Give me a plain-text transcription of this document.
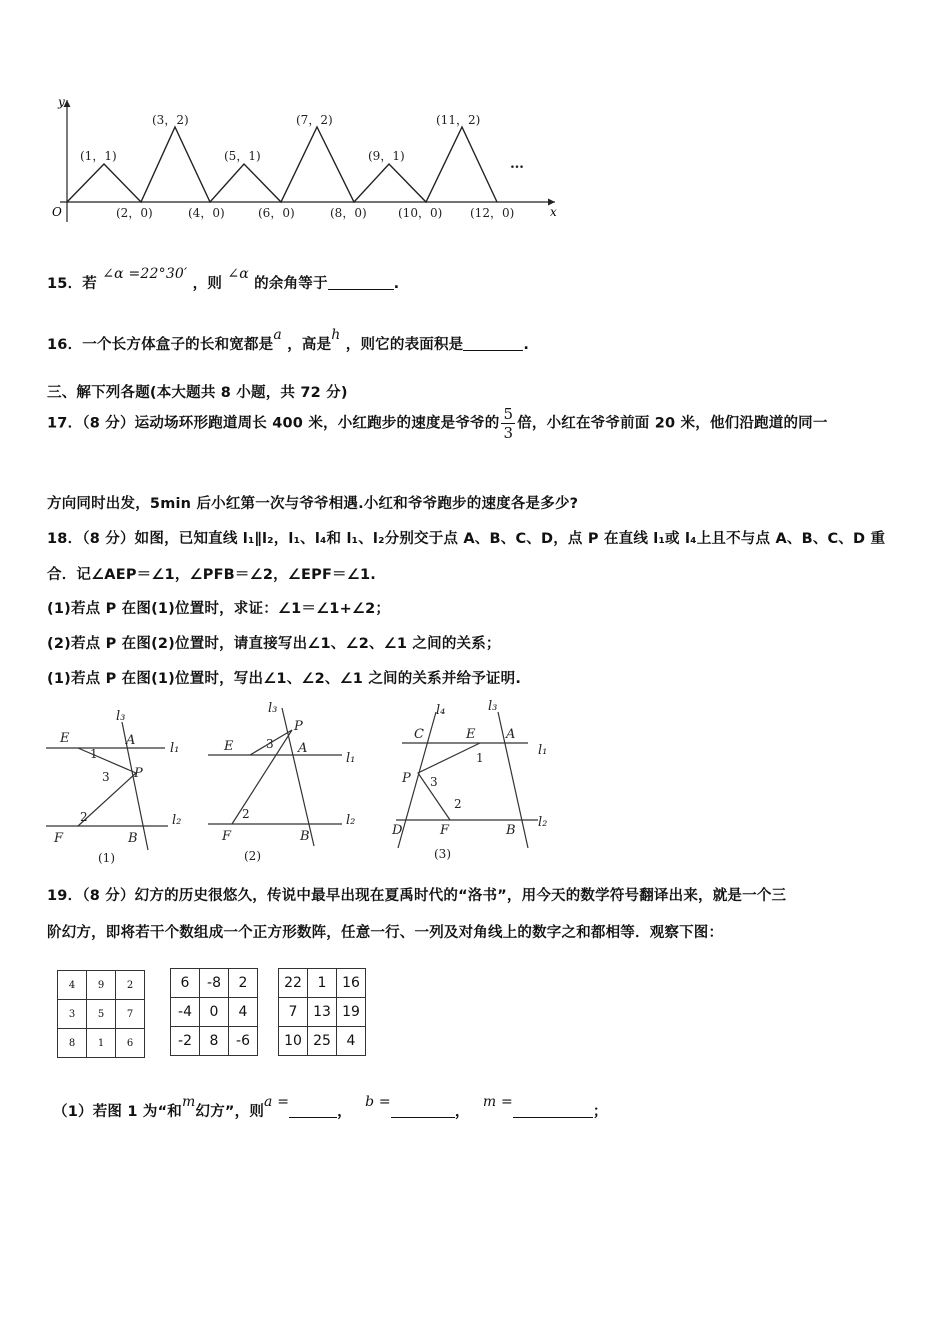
y
x
O
(1，1)
(3，2)
(5，1)
(7，2)
(9，1)
(11，2)
(2，0)	(4，0)	(6，0)	(8，0)	(10，0) (12，0)
…
15．若 ∠α =22°30′ ，则 ∠α 的余角等于	.
16．一个长方体盒子的长和宽都是a ，高是h ，则它的表面积是	.
三、解下列各题(本大题共 8 小题，共 72 分)
17．（8 分）运动场环形跑道周长 400 米，小红跑步的速度是爷爷的 $\frac{5}{3}$ 倍，小红在爷爷前面 20 米，他们沿跑道的同一
方向同时出发，5min 后小红第一次与爷爷相遇.小红和爷爷跑步的速度各是多少?
18．（8 分）如图，已知直线 l₁∥l₂，l₁、l₄和 l₁、l₂分别交于点 A、B、C、D，点 P 在直线 l₁或 l₄上且不与点 A、B、C、D 重
合．记∠AEP＝∠1，∠PFB＝∠2，∠EPF＝∠1.
(1)若点 P 在图(1)位置时，求证：∠1＝∠1+∠2；
(2)若点 P 在图(2)位置时，请直接写出∠1、∠2、∠1 之间的关系；
(1)若点 P 在图(1)位置时，写出∠1、∠2、∠1 之间的关系并给予证明.
E	A
l₃
l₁
1
3 P
2
F	B
l₂
(1)
l₃
P
E	3 A
l₁
2
F	B
l₂
(2)
l₄	l₃
C	E A
l₁
1
P 3
2
D	F	B
l₂
(3)
19．（8 分）幻方的历史很悠久，传说中最早出现在夏禹时代的“洛书”，用今天的数学符号翻译出来，就是一个三
阶幻方，即将若干个数组成一个正方形数阵，任意一行、一列及对角线上的数字之和都相等．观察下图：
4	9	2
3	5	7
8	1	6
6	-8	2
-4	0	4
-2	8	-6
22	1	16
7	13	19
10	25	4
（1）若图 1 为“和m幻方”，则a =， b =， m =；
